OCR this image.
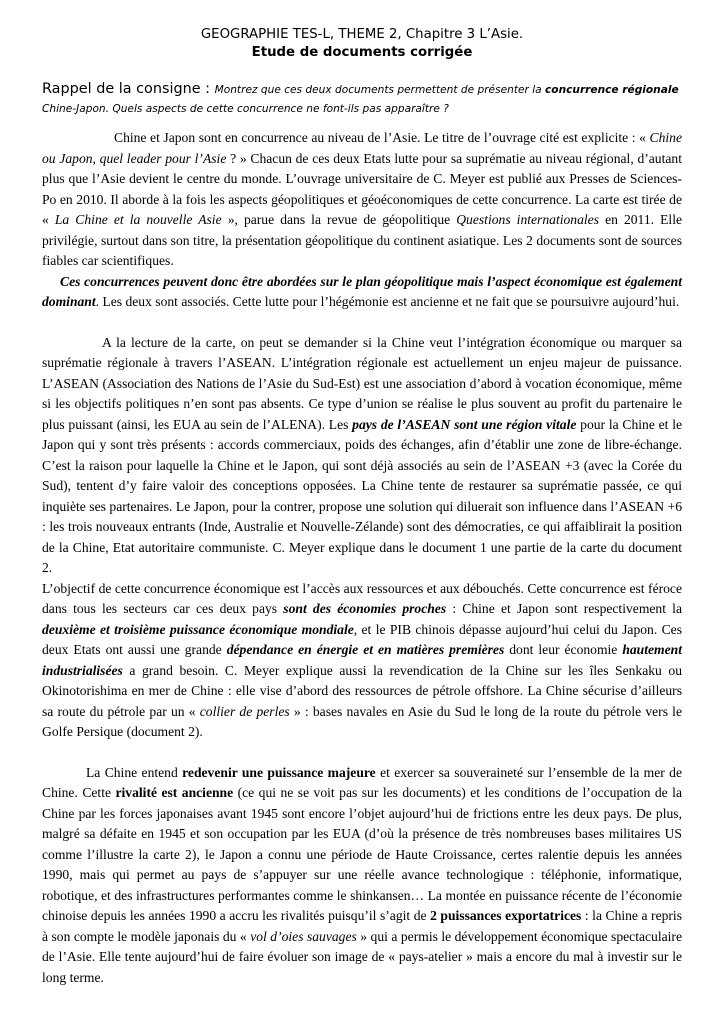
GEOGRAPHIE TES-L, THEME 2, Chapitre 3 L’Asie.

Etude de documents corrigée

Rappel de la consigne : Montrez que ces deux documents permettent de présenter la concurrence régionale Chine-Japon. Quels aspects de cette concurrence ne font-ils pas apparaître ?

Chine et Japon sont en concurrence au niveau de l’Asie. Le titre de l’ouvrage cité est explicite : « Chine ou Japon, quel leader pour l’Asie ? » Chacun de ces deux Etats lutte pour sa suprématie au niveau régional, d’autant plus que l’Asie devient le centre du monde. L’ouvrage universitaire de C. Meyer est publié aux Presses de Sciences-Po en 2010. Il aborde à la fois les aspects géopolitiques et géoéconomiques de cette concurrence. La carte est tirée de « La Chine et la nouvelle Asie », parue dans la revue de géopolitique Questions internationales en 2011. Elle privilégie, surtout dans son titre, la présentation géopolitique du continent asiatique. Les 2 documents sont de sources fiables car scientifiques.

Ces concurrences peuvent donc être abordées sur le plan géopolitique mais l’aspect économique est également dominant. Les deux sont associés. Cette lutte pour l’hégémonie est ancienne et ne fait que se poursuivre aujourd’hui.

A la lecture de la carte, on peut se demander si la Chine veut l’intégration économique ou marquer sa suprématie régionale à travers l’ASEAN. L’intégration régionale est actuellement un enjeu majeur de puissance. L’ASEAN (Association des Nations de l’Asie du Sud-Est) est une association d’abord à vocation économique, même si les objectifs politiques n’en sont pas absents. Ce type d’union se réalise le plus souvent au profit du partenaire le plus puissant (ainsi, les EUA au sein de l’ALENA). Les pays de l’ASEAN sont une région vitale pour la Chine et le Japon qui y sont très présents : accords commerciaux, poids des échanges, afin d’établir une zone de libre-échange. C’est la raison pour laquelle la Chine et le Japon, qui sont déjà associés au sein de l’ASEAN +3 (avec la Corée du Sud), tentent d’y faire valoir des conceptions opposées. La Chine tente de restaurer sa suprématie passée, ce qui inquiète ses partenaires. Le Japon, pour la contrer, propose une solution qui diluerait son influence dans l’ASEAN +6 : les trois nouveaux entrants (Inde, Australie et Nouvelle-Zélande) sont des démocraties, ce qui affaiblirait la position de la Chine, Etat autoritaire communiste. C. Meyer explique dans le document 1 une partie de la carte du document 2.

L’objectif de cette concurrence économique est l’accès aux ressources et aux débouchés. Cette concurrence est féroce dans tous les secteurs car ces deux pays sont des économies proches : Chine et Japon sont respectivement la deuxième et troisième puissance économique mondiale, et le PIB chinois dépasse aujourd’hui celui du Japon. Ces deux Etats ont aussi une grande dépendance en énergie et en matières premières dont leur économie hautement industrialisées a grand besoin. C. Meyer explique aussi la revendication de la Chine sur les îles Senkaku ou Okinotorishima en mer de Chine : elle vise d’abord des ressources de pétrole offshore. La Chine sécurise d’ailleurs sa route du pétrole par un « collier de perles » : bases navales en Asie du Sud le long de la route du pétrole vers le Golfe Persique (document 2).

La Chine entend redevenir une puissance majeure et exercer sa souveraineté sur l’ensemble de la mer de Chine. Cette rivalité est ancienne (ce qui ne se voit pas sur les documents) et les conditions de l’occupation de la Chine par les forces japonaises avant 1945 sont encore l’objet aujourd’hui de frictions entre les deux pays. De plus, malgré sa défaite en 1945 et son occupation par les EUA (d’où la présence de très nombreuses bases militaires US comme l’illustre la carte 2), le Japon a connu une période de Haute Croissance, certes ralentie depuis les années 1990, mais qui permet au pays de s’appuyer sur une réelle avance technologique : téléphonie, informatique, robotique, et des infrastructures performantes comme le shinkansen… La montée en puissance récente de l’économie chinoise depuis les années 1990 a accru les rivalités puisqu’il s’agit de 2 puissances exportatrices : la Chine a repris à son compte le modèle japonais du « vol d’oies sauvages » qui a permis le développement économique spectaculaire de l’Asie. Elle tente aujourd’hui de faire évoluer son image de « pays-atelier » mais a encore du mal à investir sur le long terme.
